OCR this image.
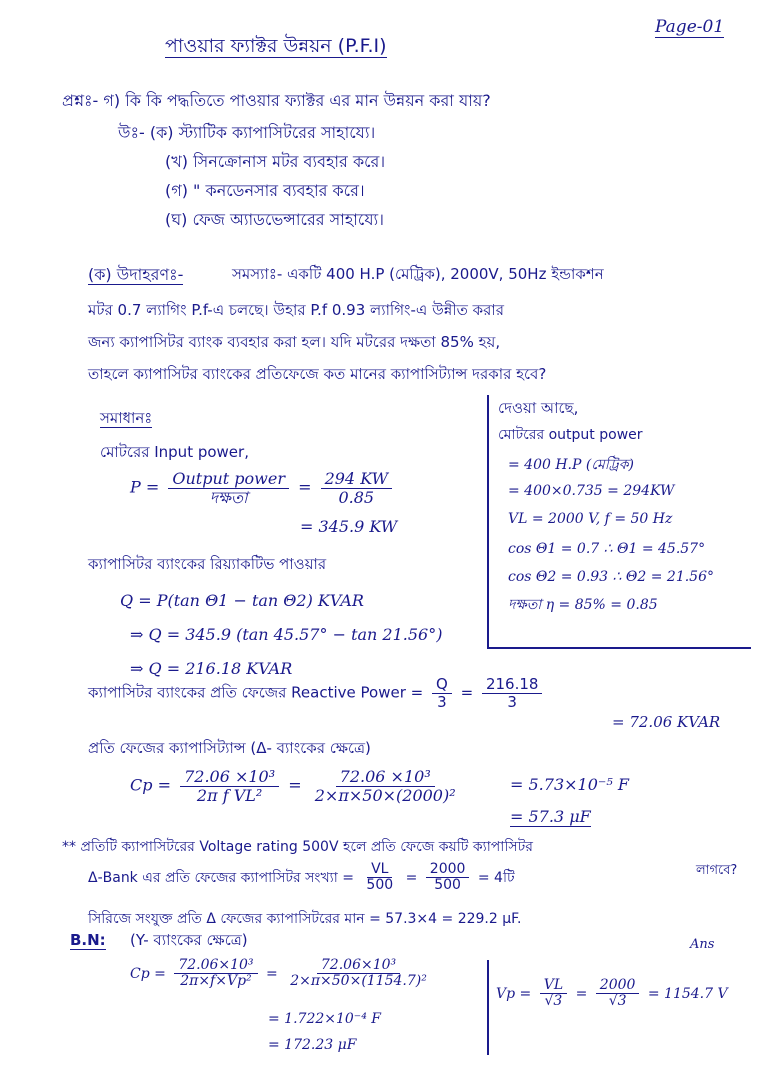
Page-01
পাওয়ার ফ্যাক্টর উন্নয়ন (P.F.I)
প্রশ্নঃ- গ) কি কি পদ্ধতিতে পাওয়ার ফ্যাক্টর এর মান উন্নয়ন করা যায়?
উঃ- (ক) স্ট্যাটিক ক্যাপাসিটরের সাহায্যে।
(খ) সিনক্রোনাস মটর ব্যবহার করে।
(গ) " কনডেনসার ব্যবহার করে।
(ঘ) ফেজ অ্যাডভেন্সারের সাহায্যে।
(ক) উদাহরণঃ-	সমস্যাঃ- একটি 400 H.P (মেট্রিক), 2000V, 50Hz ইন্ডাকশন
মটর 0.7 ল্যাগিং P.f-এ চলছে। উহার P.f 0.93 ল্যাগিং-এ উন্নীত করার
জন্য ক্যাপাসিটর ব্যাংক ব্যবহার করা হল। যদি মটরের দক্ষতা 85% হয়,
তাহলে ক্যাপাসিটর ব্যাংকের প্রতিফেজে কত মানের ক্যাপাসিট্যান্স দরকার হবে?
দেওয়া আছে,
মোটরের output power
= 400 H.P (মেট্রিক)
= 400×0.735 = 294KW
VL = 2000 V, f = 50 Hz
cos Θ1 = 0.7 ∴ Θ1 = 45.57°
cos Θ2 = 0.93 ∴ Θ2 = 21.56°
দক্ষতা η = 85% = 0.85
সমাধানঃ
মোটরের Input power,
$P = \frac{\text{Output power}}{\text{দক্ষতা}} = \frac{294 KW}{0.85}$
= 345.9 KW
ক্যাপাসিটর ব্যাংকের রিয়্যাকটিভ পাওয়ার
Q = P(tan Θ1 − tan Θ2) KVAR
⇒ Q = 345.9 (tan 45.57° − tan 21.56°)
⇒ Q = 216.18 KVAR
ক্যাপাসিটর ব্যাংকের প্রতি ফেজের Reactive Power = $\frac{Q}{3} = \frac{216.18}{3}$
= 72.06 KVAR
প্রতি ফেজের ক্যাপাসিট্যান্স (Δ- ব্যাংকের ক্ষেত্রে)
$Cp = \frac{\text{72.06 ×10³}}{\text{2π f VL²}} = \frac{\text{72.06 ×10³}}{\text{2×π×50×(2000)²}}$	= 5.73×10⁻⁵ F
= 57.3 μF
** প্রতিটি ক্যাপাসিটরের Voltage rating 500V হলে প্রতি ফেজে কয়টি ক্যাপাসিটর
লাগবে?
Δ-Bank এর প্রতি ফেজের ক্যাপাসিটর সংখ্যা = $\frac{VL}{500} = \frac{2000}{500}$ = 4টি
সিরিজে সংযুক্ত প্রতি Δ ফেজের ক্যাপাসিটরের মান = 57.3×4 = 229.2 μF.
Ans
B.N: (Y- ব্যাংকের ক্ষেত্রে)
$Cp = \frac{\text{72.06×10³}}{\text{2π×f×Vp²}} = \frac{\text{72.06×10³}}{\text{2×π×50×(1154.7)²}}$
= 1.722×10⁻⁴ F
= 172.23 μF
$Vp = \frac{VL}{√3} = \frac{2000}{√3} = 1154.7$ V
